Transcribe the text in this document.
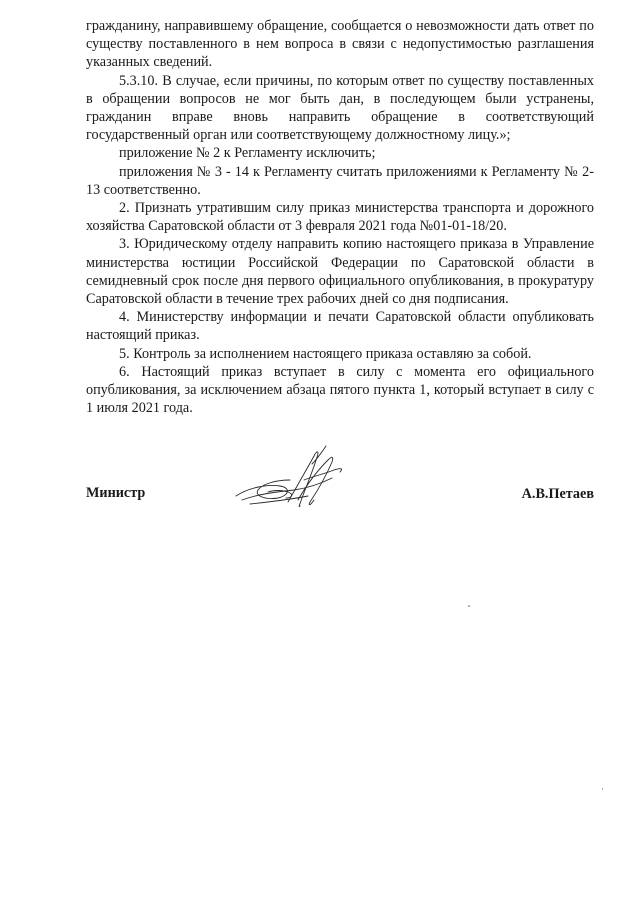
гражданину, направившему обращение, сообщается о невозможности дать ответ по существу поставленного в нем вопроса в связи с недопустимостью разглашения указанных сведений.

5.3.10. В случае, если причины, по которым ответ по существу поставленных в обращении вопросов не мог быть дан, в последующем были устранены, гражданин вправе вновь направить обращение в соответствующий государственный орган или соответствующему должностному лицу.»;

приложение № 2 к Регламенту исключить;

приложения № 3 - 14 к Регламенту считать приложениями к Регламенту № 2-13 соответственно.

2. Признать утратившим силу приказ министерства транспорта и дорожного хозяйства Саратовской области от 3 февраля 2021 года №01-01-18/20.

3. Юридическому отделу направить копию настоящего приказа в Управление министерства юстиции Российской Федерации по Саратовской области в семидневный срок после дня первого официального опубликования, в прокуратуру Саратовской области в течение трех рабочих дней со дня подписания.

4. Министерству информации и печати Саратовской области опубликовать настоящий приказ.

5. Контроль за исполнением настоящего приказа оставляю за собой.

6. Настоящий приказ вступает в силу с момента его официального опубликования, за исключением абзаца пятого пункта 1, который вступает в силу с 1 июля 2021 года.

Министр	А.В.Петаев
